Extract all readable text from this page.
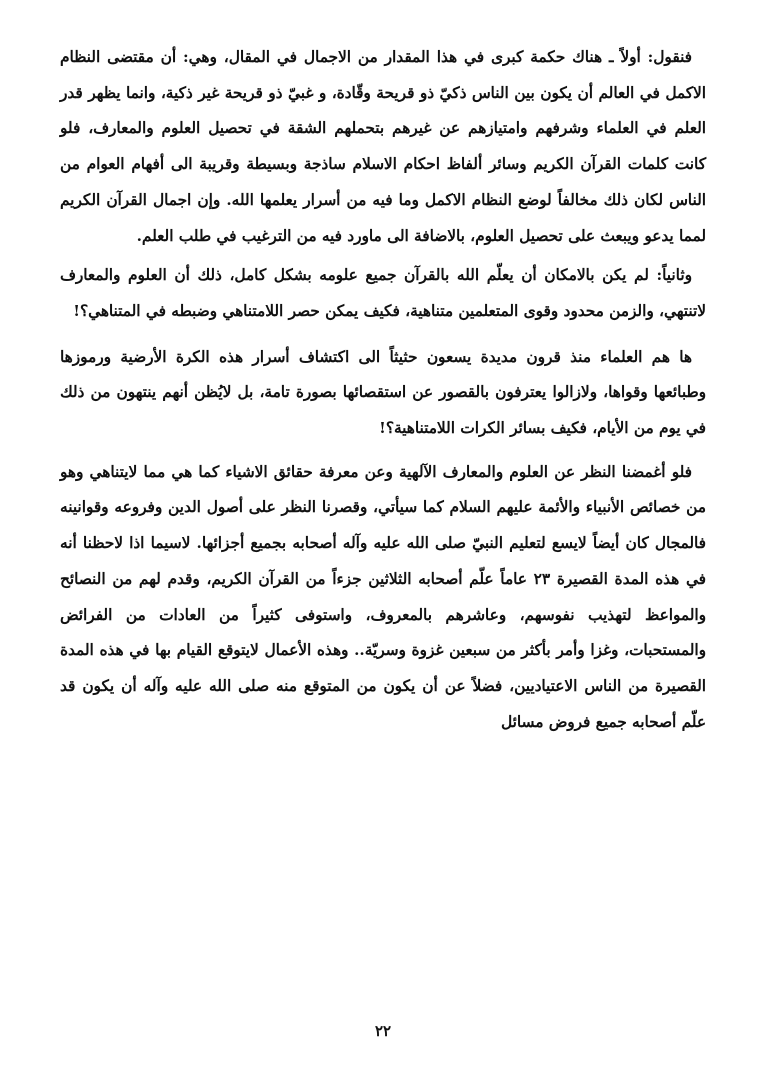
فنقول: أولاً ـ هناك حكمة كبرى في هذا المقدار من الاجمال في المقال، وهي: أن مقتضى النظام الاكمل في العالم أن يكون بين الناس ذكيّ ذو قريحة وقّادة، و غبيّ ذو قريحة غير ذكية، وانما يظهر قدر العلم في العلماء وشرفهم وامتيازهم عن غيرهم بتحملهم الشقة في تحصيل العلوم والمعارف، فلو كانت كلمات القرآن الكريم وسائر ألفاظ احكام الاسلام ساذجة وبسيطة وقريبة الى أفهام العوام من الناس لكان ذلك مخالفاً لوضع النظام الاكمل وما فيه من أسرار يعلمها الله. وإن اجمال القرآن الكريم لمما يدعو ويبعث على تحصيل العلوم، بالاضافة الى ماورد فيه من الترغيب في طلب العلم.

وثانياً: لم يكن بالامكان أن يعلّم الله بالقرآن جميع علومه بشكل كامل، ذلك أن العلوم والمعارف لاتنتهي، والزمن محدود وقوى المتعلمين متناهية، فكيف يمكن حصر اللامتناهي وضبطه في المتناهي؟!

ها هم العلماء منذ قرون مديدة يسعون حثيثاً الى اكتشاف أسرار هذه الكرة الأرضية ورموزها وطبائعها وقواها، ولازالوا يعترفون بالقصور عن استقصائها بصورة تامة، بل لايُظن أنهم ينتهون من ذلك في يوم من الأيام، فكيف بسائر الكرات اللامتناهية؟!

فلو أغمضنا النظر عن العلوم والمعارف الآلهية وعن معرفة حقائق الاشياء كما هي مما لايتناهي وهو من خصائص الأنبياء والأئمة عليهم السلام كما سيأتي، وقصرنا النظر على أصول الدين وفروعه وقوانينه فالمجال كان أيضاً لايسع لتعليم النبيّ صلى الله عليه وآله أصحابه بجميع أجزائها. لاسيما اذا لاحظنا أنه في هذه المدة القصيرة ٢٣ عاماً علّم أصحابه الثلاثين جزءاً من القرآن الكريم، وقدم لهم من النصائح والمواعظ لتهذيب نفوسهم، وعاشرهم بالمعروف، واستوفى كثيراً من العادات من الفرائض والمستحبات، وغزا وأمر بأكثر من سبعين غزوة وسريّة.. وهذه الأعمال لايتوقع القيام بها في هذه المدة القصيرة من الناس الاعتياديين، فضلاً عن أن يكون من المتوقع منه صلى الله عليه وآله أن يكون قد علّم أصحابه جميع فروض مسائل

٢٢
